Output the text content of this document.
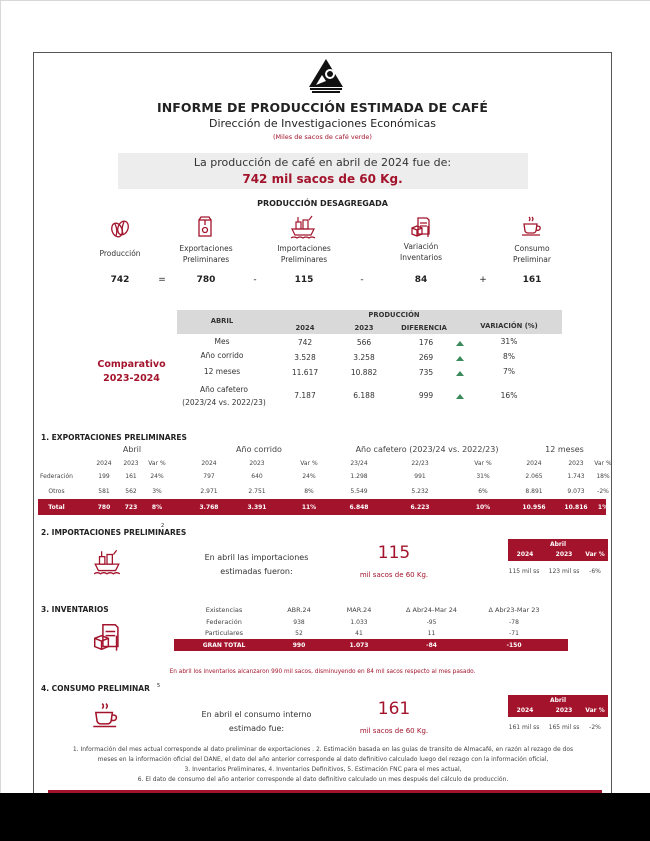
INFORME DE PRODUCCIÓN ESTIMADA DE CAFÉ
Dirección de Investigaciones Económicas
(Miles de sacos de café verde)
La producción de café en abril de 2024 fue de:
742 mil sacos de 60 Kg.
PRODUCCIÓN DESAGREGADA
Producción
742	=
Exportaciones
Preliminares
780	-
Importaciones
Preliminares
115	-
Variación
Inventarios
84	+
Consumo
Preliminar
161
Comparativo
2023-2024
ABRIL
PRODUCCIÓN
2024	2023	DIFERENCIA	VARIACIÓN (%)
Mes	742	566	176	31%
Año corrido	3.528	3.258	269	8%
12 meses	11.617	10.882	735	7%
Año cafetero
(2023/24 vs. 2022/23)
7.187	6.188	999	16%
1. EXPORTACIONES PRELIMINARES
Abril	Año corrido	Año cafetero (2023/24 vs. 2022/23)	12 meses
2024	2023	Var %	2024	2023	Var %	23/24	22/23	Var %	2024	2023	Var %
Federación	199	161	24%	797	640	24%	1.298	991	31%	2.065	1.743	18%
Otros	581	562	3%	2.971	2.751	8%	5.549	5.232	6%	8.891	9.073	-2%
Total	780	723	8%	3.768	3.391	11%	6.848	6.223	10%	10.956	10.816	1%
2. IMPORTACIONES PRELIMINARES
2
En abril las importaciones
estimadas fueron:
115
mil sacos de 60 Kg.
Abril
2024	2023	Var %
115 mil ss	123 mil ss	-6%
3. INVENTARIOS	Existencias	ABR.24	MAR.24	Δ Abr24-Mar 24	Δ Abr23-Mar 23
Federación	938	1.033	-95	-78
Particulares	52	41	11	-71
GRAN TOTAL	990	1.073	-84	-150
En abril los inventarios alcanzaron 990 mil sacos, disminuyendo en 84 mil sacos respecto al mes pasado.
4. CONSUMO PRELIMINAR 5
En abril el consumo interno
estimado fue:
161
mil sacos de 60 Kg.
Abril
2024	2023	Var %
161 mil ss	165 mil ss	-2%
1. Información del mes actual corresponde al dato preliminar de exportaciones . 2. Estimación basada en las guías de transito de Almacafé, en razón al rezago de dos
meses en la información oficial del DANE, el dato del año anterior corresponde al dato definitivo calculado luego del rezago con la información oficial,
3. Inventarios Preliminares, 4. Inventarios Definitivos, 5. Estimación FNC para el mes actual,
6. El dato de consumo del año anterior corresponde al dato definitivo calculado un mes después del cálculo de producción.
